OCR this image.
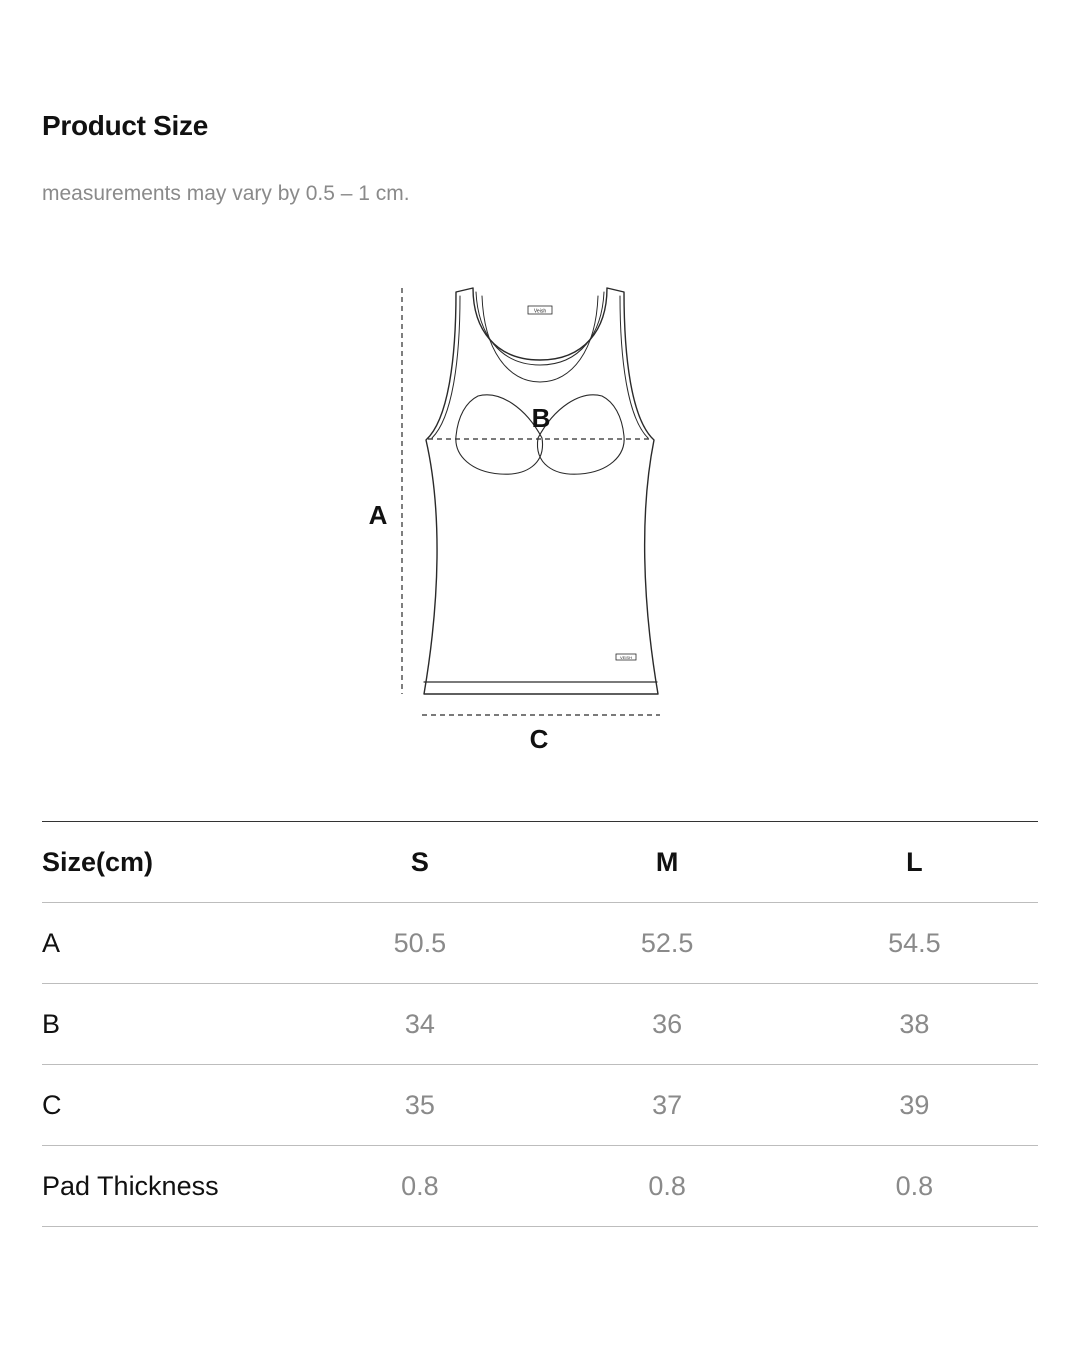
Product Size
measurements may vary by 0.5 – 1 cm.
Veish
VEISH
A
B
C
Size(cm)	S	M	L
A	50.5	52.5	54.5
B	34	36	38
C	35	37	39
Pad Thickness	0.8	0.8	0.8
